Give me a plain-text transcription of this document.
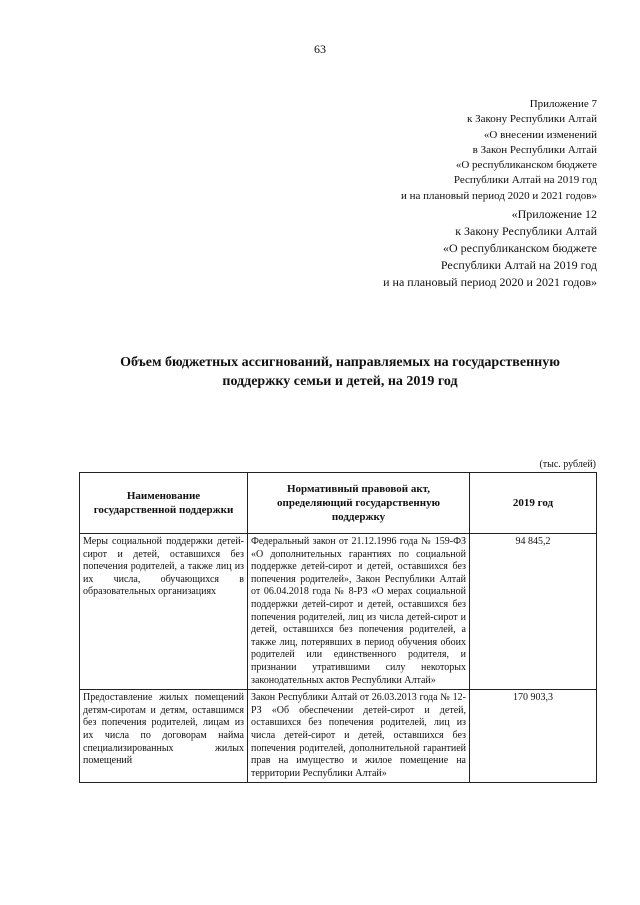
63
Приложение 7
к Закону Республики Алтай
«О внесении изменений
в Закон Республики Алтай
«О республиканском бюджете
Республики Алтай на 2019 год
и на плановый период 2020 и 2021 годов»
«Приложение 12
к Закону Республики Алтай
«О республиканском бюджете
Республики Алтай на 2019 год
и на плановый период 2020 и 2021 годов»
Объем бюджетных ассигнований, направляемых на государственную
поддержку семьи и детей, на 2019 год
(тыс. рублей)
Наименование государственной поддержки	Нормативный правовой акт, определяющий государственную поддержку	2019 год
Меры социальной поддержки детей-сирот и детей, оставшихся без попечения родителей, а также лиц из их числа, обучающихся в образовательных организациях	Федеральный закон от 21.12.1996 года № 159-ФЗ «О дополнительных гарантиях по социальной поддержке детей-сирот и детей, оставшихся без попечения родителей», Закон Республики Алтай от 06.04.2018 года № 8-РЗ «О мерах социальной поддержки детей-сирот и детей, оставшихся без попечения родителей, лиц из числа детей-сирот и детей, оставшихся без попечения родителей, а также лиц, потерявших в период обучения обоих родителей или единственного родителя, и признании утратившими силу некоторых законодательных актов Республики Алтай»	94 845,2
Предоставление жилых помещений детям-сиротам и детям, оставшимся без попечения родителей, лицам из их числа по договорам найма специализированных жилых помещений	Закон Республики Алтай от 26.03.2013 года № 12-РЗ «Об обеспечении детей-сирот и детей, оставшихся без попечения родителей, лиц из числа детей-сирот и детей, оставшихся без попечения родителей, дополнительной гарантией прав на имущество и жилое помещение на территории Республики Алтай»	170 903,3
